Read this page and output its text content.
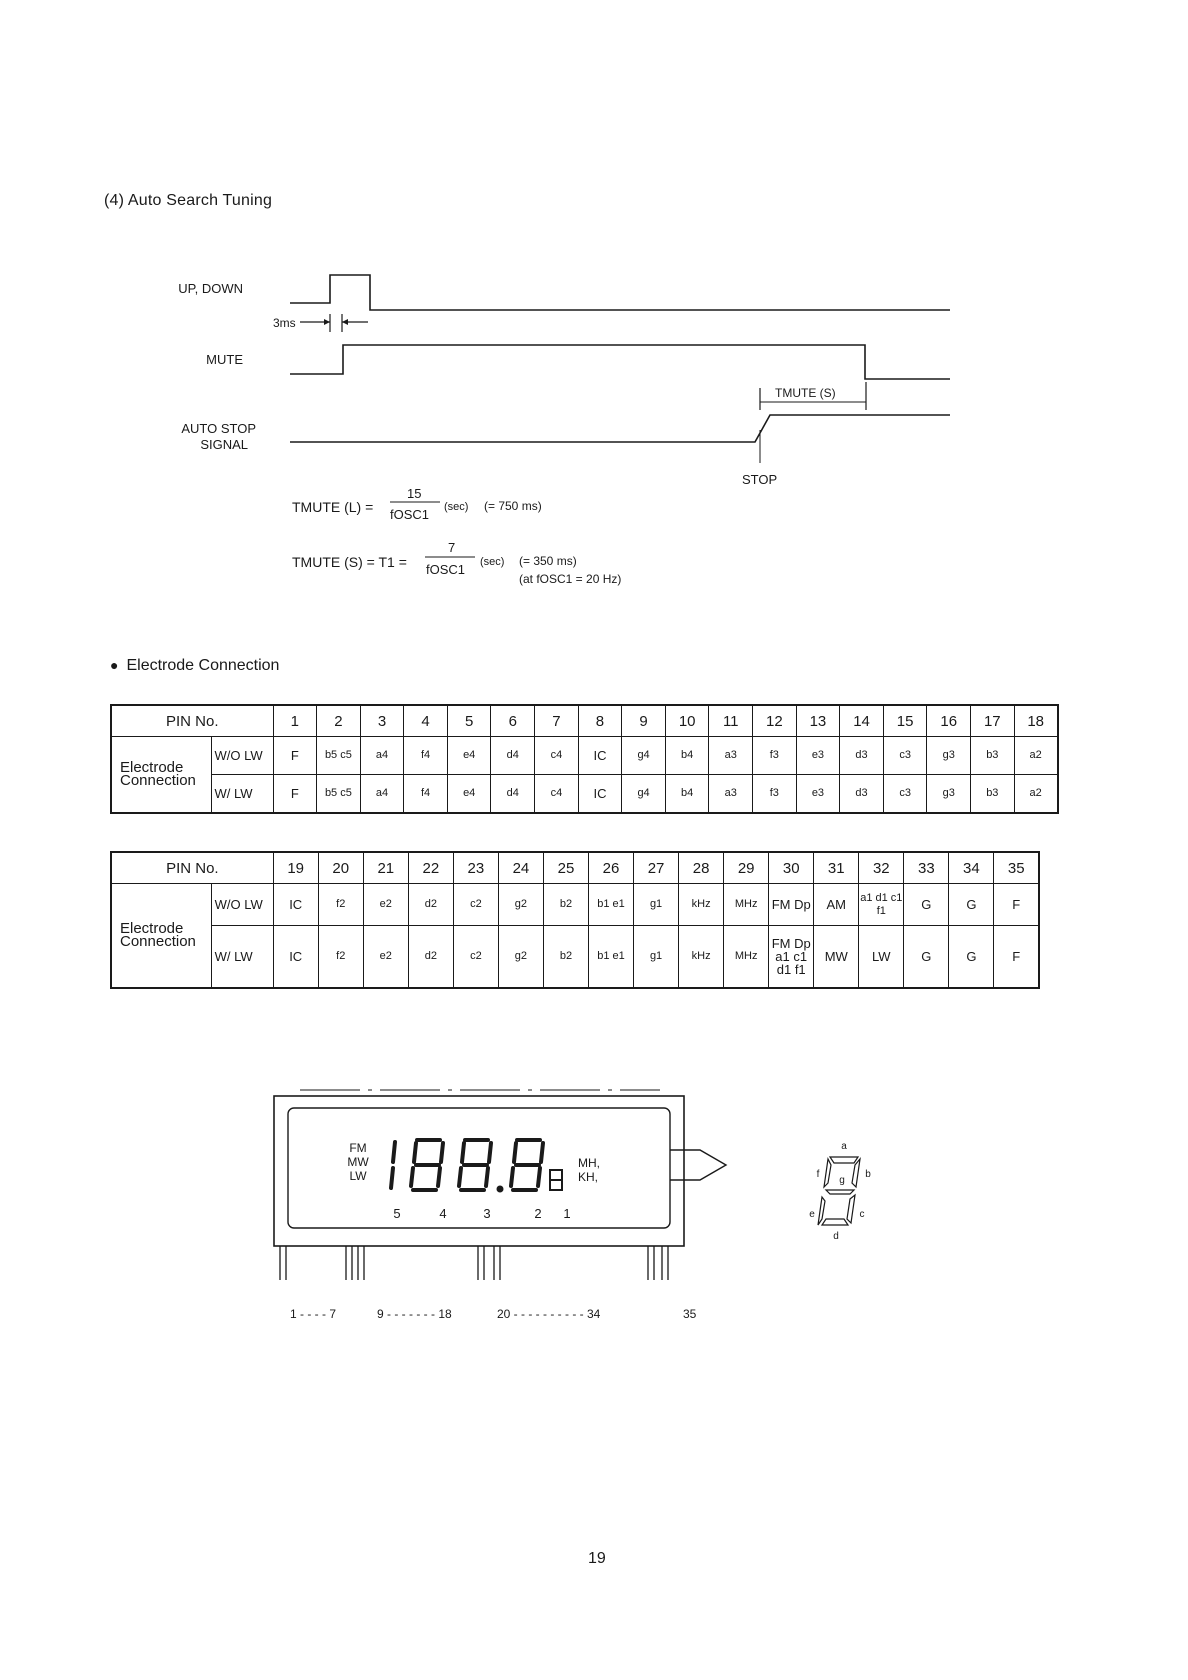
(4) Auto Search Tuning
UP, DOWN
MUTE
AUTO STOP
SIGNAL
3ms
TMUTE (S)
STOP
TMUTE (L) =
15
fOSC1 (sec) (= 750 ms)
TMUTE (S) = T1 =
7
fOSC1 (sec) (= 350 ms)
(at fOSC1 = 20 Hz)
● Electrode Connection
PIN No.		1	2	3	4	5	6	7	8	9	10	11	12	13	14	15	16	17	18
Electrode
Connection	W/O LW	F	b5 c5	a4	f4	e4	d4	c4	IC	g4	b4	a3	f3	e3	d3	c3	g3	b3	a2
	W/ LW	F	b5 c5	a4	f4	e4	d4	c4	IC	g4	b4	a3	f3	e3	d3	c3	g3	b3	a2
PIN No.		19	20	21	22	23	24	25	26	27	28	29	30	31	32	33	34	35
Electrode
Connection	W/O LW	IC	f2	e2	d2	c2	g2	b2	b1 e1	g1	kHz	MHz	FM Dp	AM	a1 d1 c1 f1	G	G	F
	W/ LW	IC	f2	e2	d2	c2	g2	b2	b1 e1	g1	kHz	MHz	FM Dp a1 c1 d1 f1	MW	LW	G	G	F
FM
MW
LW
MH,
KH,
5	4	3	2 1
1 - - - - 7	9 - - - - - - - 18	20 - - - - - - - - - - 34	35
a
b
c
d
e
f
g
19
